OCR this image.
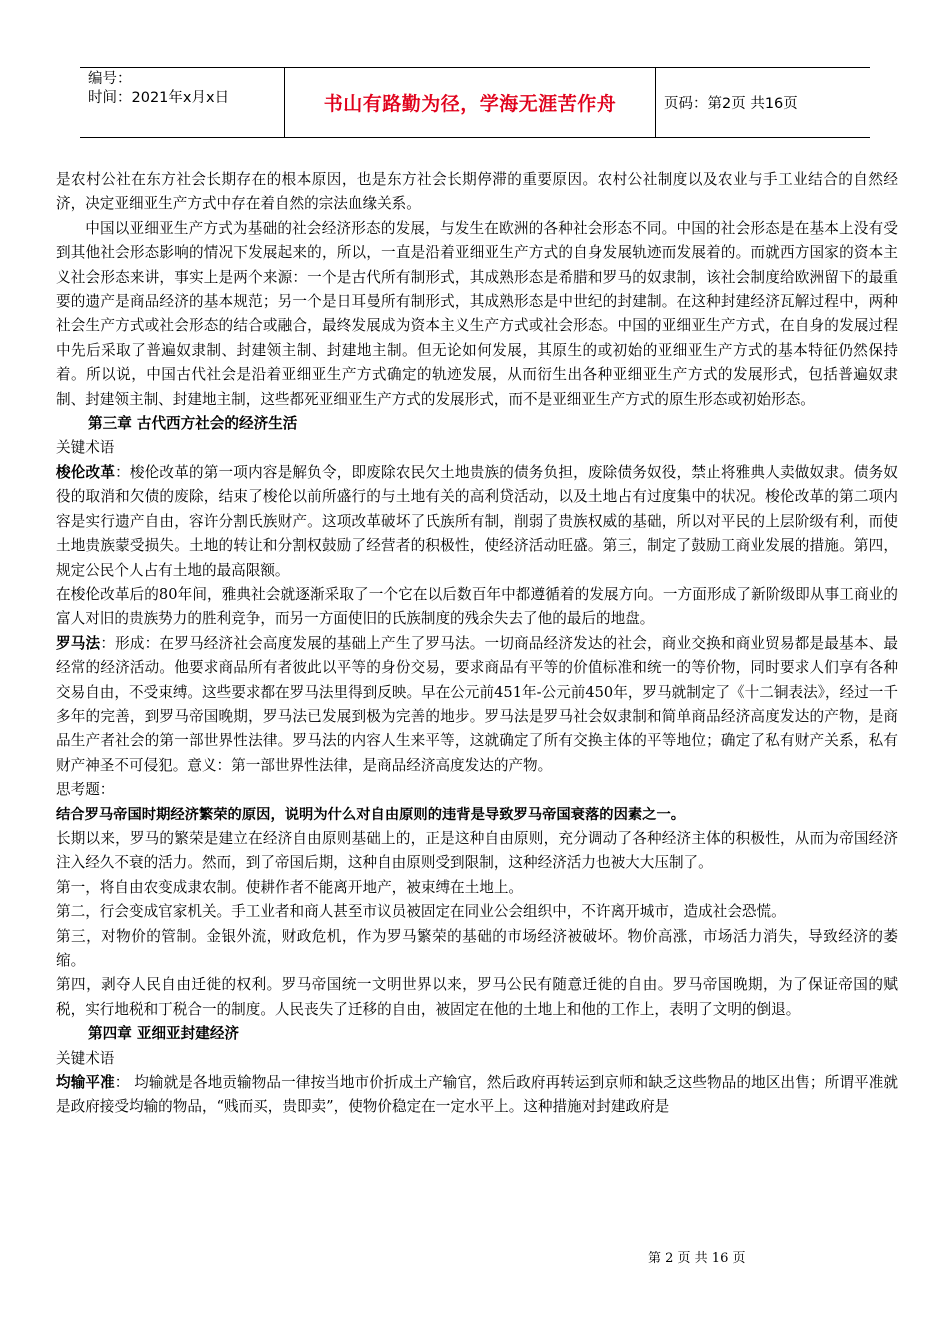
编号：
时间：2021年x月x日	书山有路勤为径，学海无涯苦作舟	页码：第2页 共16页

是农村公社在东方社会长期存在的根本原因，也是东方社会长期停滞的重要原因。农村公社制度以及农业与手工业结合的自然经济，决定亚细亚生产方式中存在着自然的宗法血缘关系。

中国以亚细亚生产方式为基础的社会经济形态的发展，与发生在欧洲的各种社会形态不同。中国的社会形态是在基本上没有受到其他社会形态影响的情况下发展起来的，所以，一直是沿着亚细亚生产方式的自身发展轨迹而发展着的。而就西方国家的资本主义社会形态来讲，事实上是两个来源：一个是古代所有制形式，其成熟形态是希腊和罗马的奴隶制，该社会制度给欧洲留下的最重要的遗产是商品经济的基本规范；另一个是日耳曼所有制形式，其成熟形态是中世纪的封建制。在这种封建经济瓦解过程中，两种社会生产方式或社会形态的结合或融合，最终发展成为资本主义生产方式或社会形态。中国的亚细亚生产方式，在自身的发展过程中先后采取了普遍奴隶制、封建领主制、封建地主制。但无论如何发展，其原生的或初始的亚细亚生产方式的基本特征仍然保持着。所以说，中国古代社会是沿着亚细亚生产方式确定的轨迹发展，从而衍生出各种亚细亚生产方式的发展形式，包括普遍奴隶制、封建领主制、封建地主制，这些都死亚细亚生产方式的发展形式，而不是亚细亚生产方式的原生形态或初始形态。

第三章 古代西方社会的经济生活

关键术语

梭伦改革：梭伦改革的第一项内容是解负令，即废除农民欠土地贵族的债务负担，废除债务奴役，禁止将雅典人卖做奴隶。债务奴役的取消和欠债的废除，结束了梭伦以前所盛行的与土地有关的高利贷活动，以及土地占有过度集中的状况。梭伦改革的第二项内容是实行遗产自由，容许分割氏族财产。这项改革破坏了氏族所有制，削弱了贵族权威的基础，所以对平民的上层阶级有利，而使土地贵族蒙受损失。土地的转让和分割权鼓励了经营者的积极性，使经济活动旺盛。第三，制定了鼓励工商业发展的措施。第四，规定公民个人占有土地的最高限额。

在梭伦改革后的80年间，雅典社会就逐渐采取了一个它在以后数百年中都遵循着的发展方向。一方面形成了新阶级即从事工商业的富人对旧的贵族势力的胜利竞争，而另一方面使旧的氏族制度的残余失去了他的最后的地盘。

罗马法：形成：在罗马经济社会高度发展的基础上产生了罗马法。一切商品经济发达的社会，商业交换和商业贸易都是最基本、最经常的经济活动。他要求商品所有者彼此以平等的身份交易，要求商品有平等的价值标准和统一的等价物，同时要求人们享有各种交易自由，不受束缚。这些要求都在罗马法里得到反映。早在公元前451年-公元前450年，罗马就制定了《十二铜表法》，经过一千多年的完善，到罗马帝国晚期，罗马法已发展到极为完善的地步。罗马法是罗马社会奴隶制和简单商品经济高度发达的产物，是商品生产者社会的第一部世界性法律。罗马法的内容人生来平等，这就确定了所有交换主体的平等地位；确定了私有财产关系，私有财产神圣不可侵犯。意义：第一部世界性法律，是商品经济高度发达的产物。

思考题：

结合罗马帝国时期经济繁荣的原因，说明为什么对自由原则的违背是导致罗马帝国衰落的因素之一。

长期以来，罗马的繁荣是建立在经济自由原则基础上的，正是这种自由原则，充分调动了各种经济主体的积极性，从而为帝国经济注入经久不衰的活力。然而，到了帝国后期，这种自由原则受到限制，这种经济活力也被大大压制了。

第一，将自由农变成隶农制。使耕作者不能离开地产，被束缚在土地上。

第二，行会变成官家机关。手工业者和商人甚至市议员被固定在同业公会组织中，不许离开城市，造成社会恐慌。

第三，对物价的管制。金银外流，财政危机，作为罗马繁荣的基础的市场经济被破坏。物价高涨，市场活力消失，导致经济的萎缩。

第四，剥夺人民自由迁徙的权利。罗马帝国统一文明世界以来，罗马公民有随意迁徙的自由。罗马帝国晚期，为了保证帝国的赋税，实行地税和丁税合一的制度。人民丧失了迁移的自由，被固定在他的土地上和他的工作上，表明了文明的倒退。

第四章 亚细亚封建经济

关键术语

均输平准： 均输就是各地贡输物品一律按当地市价折成土产输官，然后政府再转运到京师和缺乏这些物品的地区出售；所谓平准就是政府接受均输的物品，“贱而买，贵即卖”，使物价稳定在一定水平上。这种措施对封建政府是

第 2 页 共 16 页
